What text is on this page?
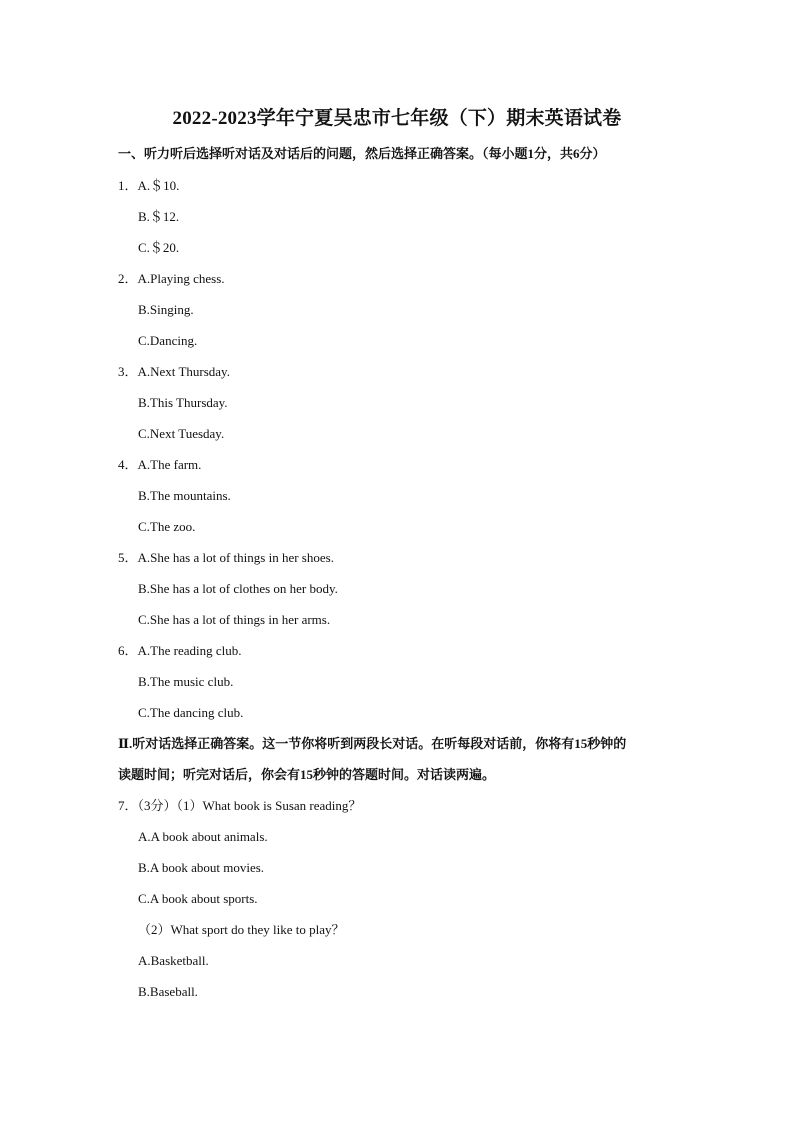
2022-2023学年宁夏吴忠市七年级（下）期末英语试卷
一、听力听后选择听对话及对话后的问题，然后选择正确答案。（每小题1分，共6分）
1．A.＄10.
B.＄12.
C.＄20.
2．A.Playing chess.
B.Singing.
C.Dancing.
3．A.Next Thursday.
B.This Thursday.
C.Next Tuesday.
4．A.The farm.
B.The mountains.
C.The zoo.
5．A.She has a lot of things in her shoes.
B.She has a lot of clothes on her body.
C.She has a lot of things in her arms.
6．A.The reading club.
B.The music club.
C.The dancing club.
Ⅱ.听对话选择正确答案。这一节你将听到两段长对话。在听每段对话前，你将有15秒钟的
读题时间；听完对话后，你会有15秒钟的答题时间。对话读两遍。
7．（3分）（1）What book is Susan reading？
A.A book about animals.
B.A book about movies.
C.A book about sports.
（2）What sport do they like to play？
A.Basketball.
B.Baseball.
